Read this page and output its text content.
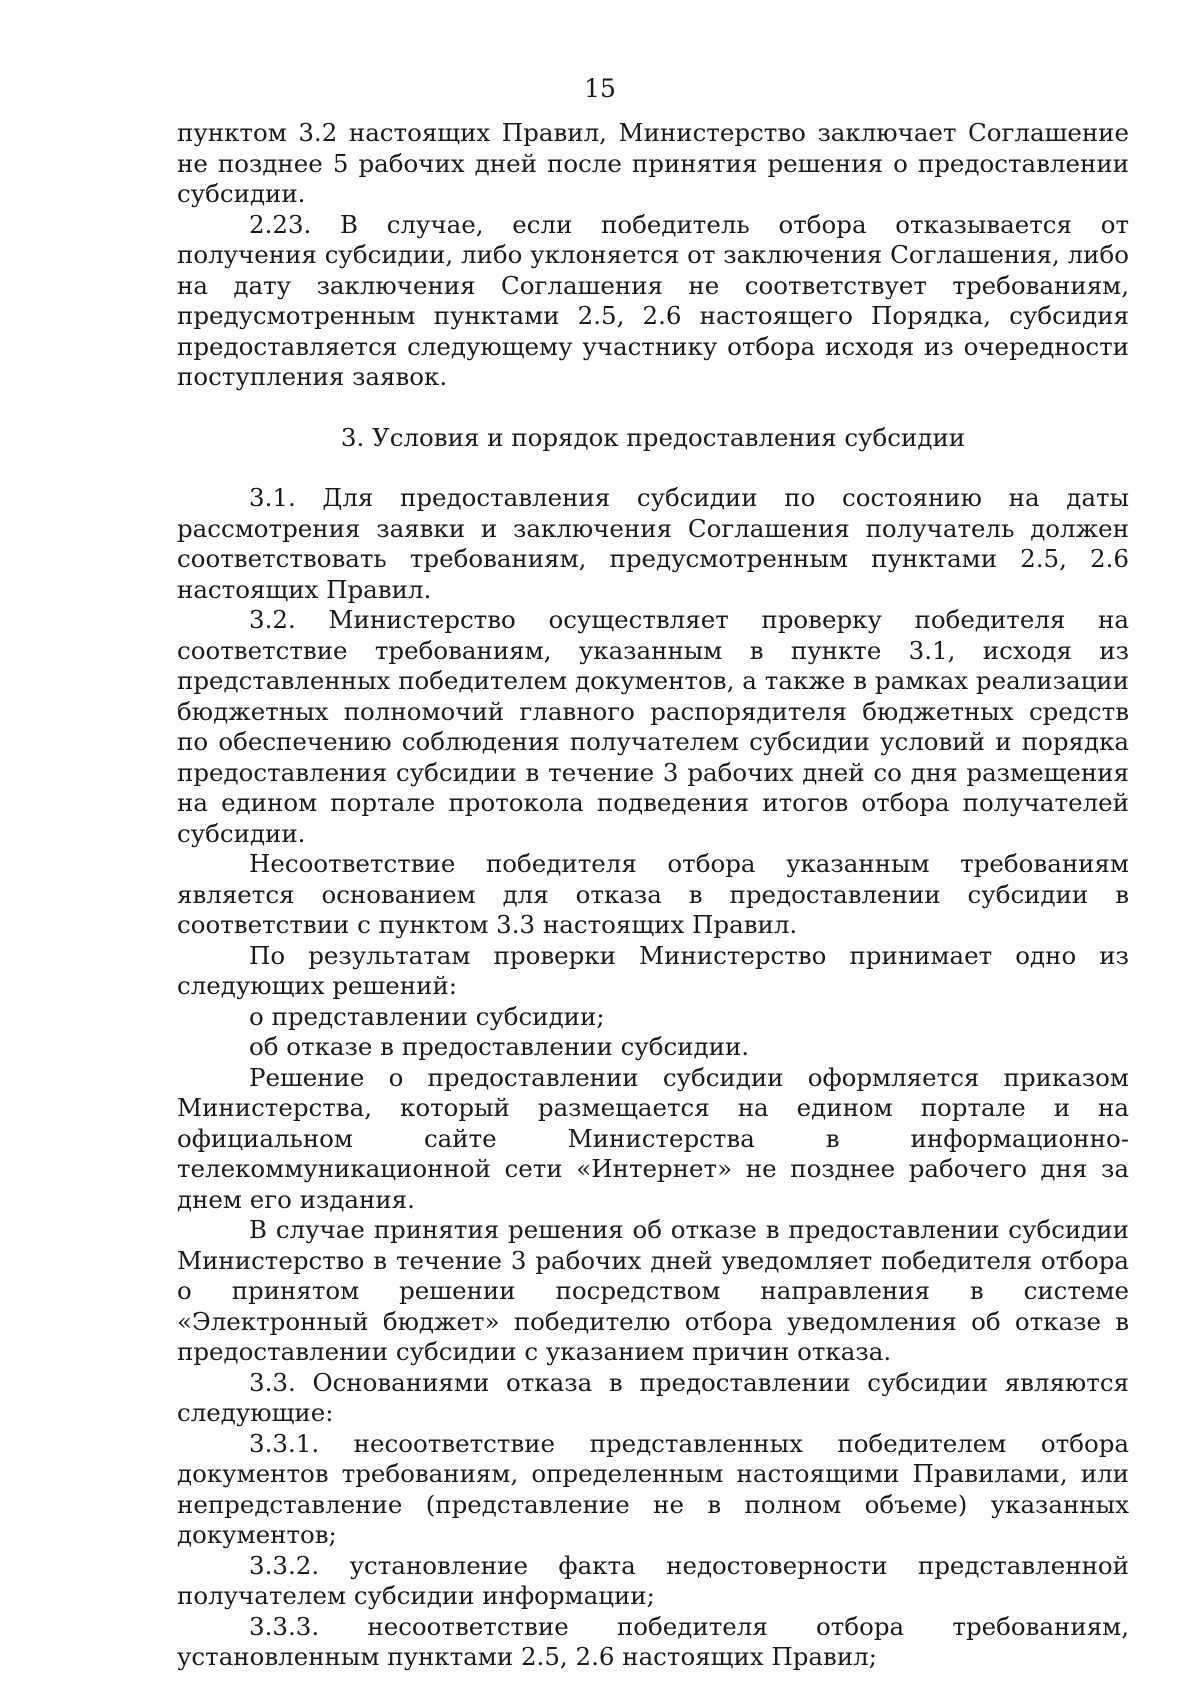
15

пунктом 3.2 настоящих Правил, Министерство заключает Соглашение не позднее 5 рабочих дней после принятия решения о предоставлении субсидии.

2.23. В случае, если победитель отбора отказывается от получения субсидии, либо уклоняется от заключения Соглашения, либо на дату заключения Соглашения не соответствует требованиям, предусмотренным пунктами 2.5, 2.6 настоящего Порядка, субсидия предоставляется следующему участнику отбора исходя из очередности поступления заявок.

3. Условия и порядок предоставления субсидии

3.1. Для предоставления субсидии по состоянию на даты рассмотрения заявки и заключения Соглашения получатель должен соответствовать требованиям, предусмотренным пунктами 2.5, 2.6 настоящих Правил.

3.2. Министерство осуществляет проверку победителя на соответствие требованиям, указанным в пункте 3.1, исходя из представленных победителем документов, а также в рамках реализации бюджетных полномочий главного распорядителя бюджетных средств по обеспечению соблюдения получателем субсидии условий и порядка предоставления субсидии в течение 3 рабочих дней со дня размещения на едином портале протокола подведения итогов отбора получателей субсидии.

Несоответствие победителя отбора указанным требованиям является основанием для отказа в предоставлении субсидии в соответствии с пунктом 3.3 настоящих Правил.

По результатам проверки Министерство принимает одно из следующих решений:

о представлении субсидии;

об отказе в предоставлении субсидии.

Решение о предоставлении субсидии оформляется приказом Министерства, который размещается на едином портале и на официальном сайте Министерства в информационно-телекоммуникационной сети «Интернет» не позднее рабочего дня за днем его издания.

В случае принятия решения об отказе в предоставлении субсидии Министерство в течение 3 рабочих дней уведомляет победителя отбора о принятом решении посредством направления в системе «Электронный бюджет» победителю отбора уведомления об отказе в предоставлении субсидии с указанием причин отказа.

3.3. Основаниями отказа в предоставлении субсидии являются следующие:

3.3.1. несоответствие представленных победителем отбора документов требованиям, определенным настоящими Правилами, или непредставление (представление не в полном объеме) указанных документов;

3.3.2. установление факта недостоверности представленной получателем субсидии информации;

3.3.3. несоответствие победителя отбора требованиям, установленным пунктами 2.5, 2.6 настоящих Правил;
